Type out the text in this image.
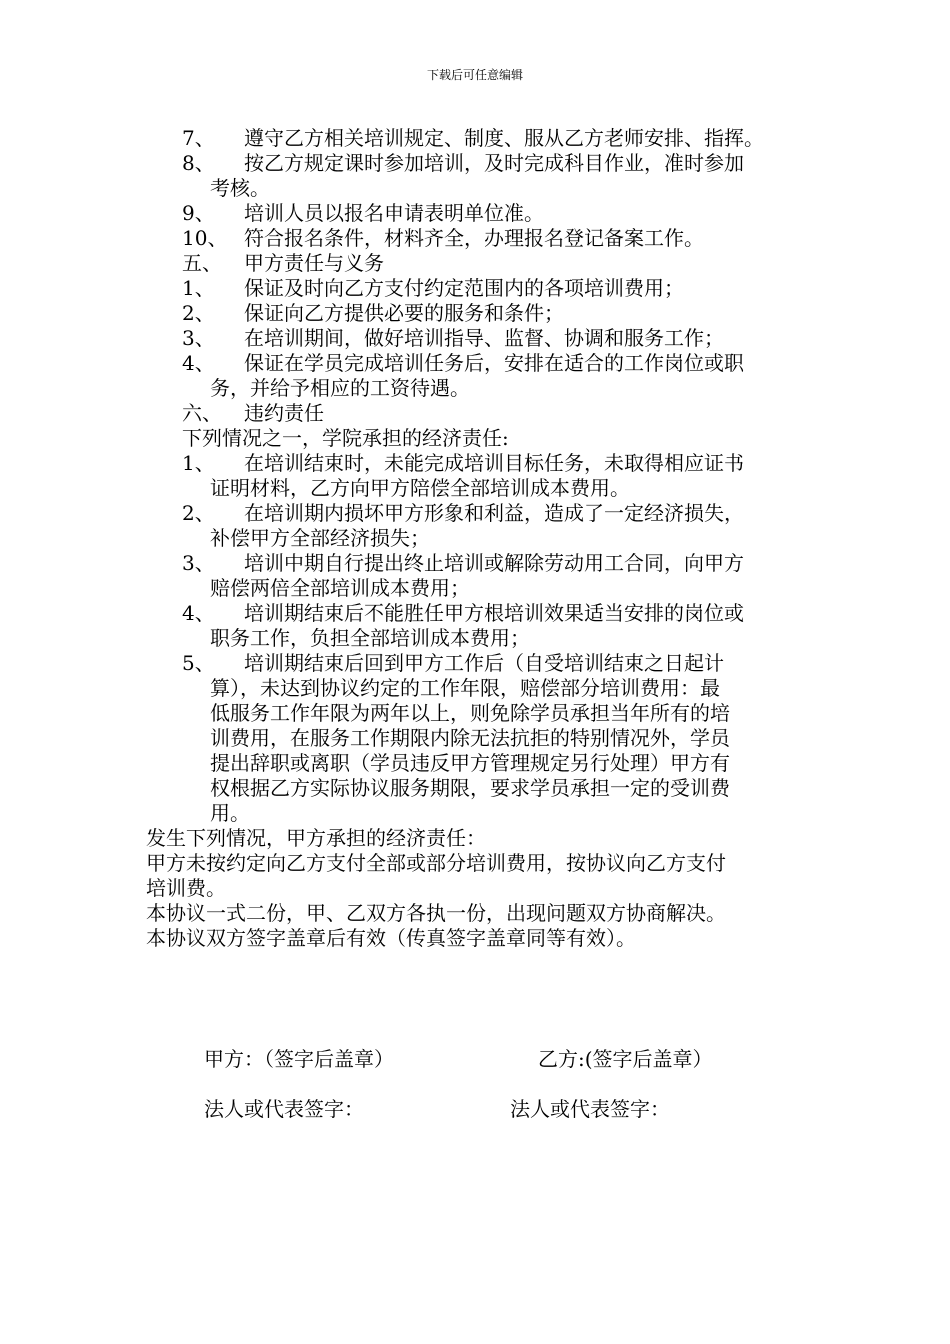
下载后可任意编辑
7、 遵守乙方相关培训规定、制度、服从乙方老师安排、指挥。
8、 按乙方规定课时参加培训，及时完成科目作业，准时参加
考核。
9、 培训人员以报名申请表明单位准。
10、 符合报名条件，材料齐全，办理报名登记备案工作。
五、 甲方责任与义务
1、 保证及时向乙方支付约定范围内的各项培训费用；
2、 保证向乙方提供必要的服务和条件；
3、 在培训期间，做好培训指导、监督、协调和服务工作；
4、 保证在学员完成培训任务后，安排在适合的工作岗位或职
务，并给予相应的工资待遇。
六、 违约责任
下列情况之一，学院承担的经济责任:
1、 在培训结束时，未能完成培训目标任务，未取得相应证书
证明材料，乙方向甲方陪偿全部培训成本费用。
2、 在培训期内损坏甲方形象和利益，造成了一定经济损失，
补偿甲方全部经济损失；
3、 培训中期自行提出终止培训或解除劳动用工合同，向甲方
赔偿两倍全部培训成本费用；
4、 培训期结束后不能胜任甲方根培训效果适当安排的岗位或
职务工作，负担全部培训成本费用；
5、 培训期结束后回到甲方工作后（自受培训结束之日起计
算），未达到协议约定的工作年限，赔偿部分培训费用：最
低服务工作年限为两年以上，则免除学员承担当年所有的培
训费用，在服务工作期限内除无法抗拒的特别情况外，学员
提出辞职或离职（学员违反甲方管理规定另行处理）甲方有
权根据乙方实际协议服务期限，要求学员承担一定的受训费
用。
发生下列情况，甲方承担的经济责任：
甲方未按约定向乙方支付全部或部分培训费用，按协议向乙方支付
培训费。
本协议一式二份，甲、乙双方各执一份，出现问题双方协商解决。
本协议双方签字盖章后有效（传真签字盖章同等有效）。
甲方：（签字后盖章）	乙方:(签字后盖章）
法人或代表签字：	法人或代表签字：
